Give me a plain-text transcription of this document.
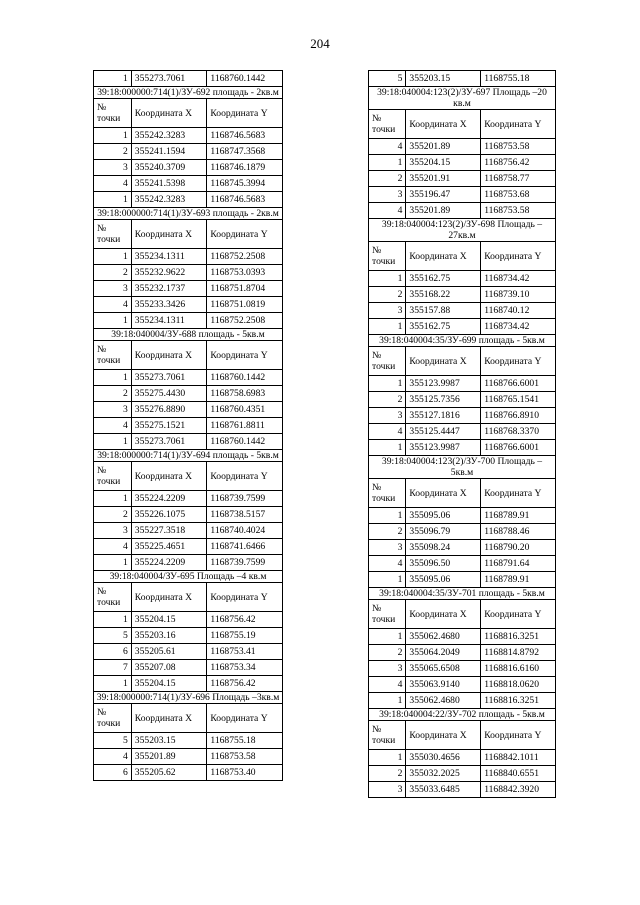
204
1	355273.7061	1168760.1442
39:18:000000:714(1)/ЗУ-692 площадь - 2кв.м		
№ точки	Координата X	Координата Y
1	355242.3283	1168746.5683
2	355241.1594	1168747.3568
3	355240.3709	1168746.1879
4	355241.5398	1168745.3994
1	355242.3283	1168746.5683
39:18:000000:714(1)/ЗУ-693 площадь - 2кв.м		
№ точки	Координата X	Координата Y
1	355234.1311	1168752.2508
2	355232.9622	1168753.0393
3	355232.1737	1168751.8704
4	355233.3426	1168751.0819
1	355234.1311	1168752.2508
39:18:040004/ЗУ-688 площадь - 5кв.м		
№ точки	Координата X	Координата Y
1	355273.7061	1168760.1442
2	355275.4430	1168758.6983
3	355276.8890	1168760.4351
4	355275.1521	1168761.8811
1	355273.7061	1168760.1442
39:18:000000:714(1)/ЗУ-694 площадь - 5кв.м		
№ точки	Координата X	Координата Y
1	355224.2209	1168739.7599
2	355226.1075	1168738.5157
3	355227.3518	1168740.4024
4	355225.4651	1168741.6466
1	355224.2209	1168739.7599
39:18:040004/ЗУ-695 Площадь –4 кв.м		
№ точки	Координата X	Координата Y
1	355204.15	1168756.42
5	355203.16	1168755.19
6	355205.61	1168753.41
7	355207.08	1168753.34
1	355204.15	1168756.42
39:18:000000:714(1)/ЗУ-696 Площадь –3кв.м		
№ точки	Координата X	Координата Y
5	355203.15	1168755.18
4	355201.89	1168753.58
6	355205.62	1168753.40
5	355203.15	1168755.18
39:18:040004:123(2)/ЗУ-697 Площадь –20 кв.м		
№ точки	Координата X	Координата Y
4	355201.89	1168753.58
1	355204.15	1168756.42
2	355201.91	1168758.77
3	355196.47	1168753.68
4	355201.89	1168753.58
39:18:040004:123(2)/ЗУ-698 Площадь –27кв.м		
№ точки	Координата X	Координата Y
1	355162.75	1168734.42
2	355168.22	1168739.10
3	355157.88	1168740.12
1	355162.75	1168734.42
39:18:040004:35/ЗУ-699 площадь - 5кв.м		
№ точки	Координата X	Координата Y
1	355123.9987	1168766.6001
2	355125.7356	1168765.1541
3	355127.1816	1168766.8910
4	355125.4447	1168768.3370
1	355123.9987	1168766.6001
39:18:040004:123(2)/ЗУ-700 Площадь –5кв.м		
№ точки	Координата X	Координата Y
1	355095.06	1168789.91
2	355096.79	1168788.46
3	355098.24	1168790.20
4	355096.50	1168791.64
1	355095.06	1168789.91
39:18:040004:35/ЗУ-701 площадь - 5кв.м		
№ точки	Координата X	Координата Y
1	355062.4680	1168816.3251
2	355064.2049	1168814.8792
3	355065.6508	1168816.6160
4	355063.9140	1168818.0620
1	355062.4680	1168816.3251
39:18:040004:22/ЗУ-702 площадь - 5кв.м		
№ точки	Координата X	Координата Y
1	355030.4656	1168842.1011
2	355032.2025	1168840.6551
3	355033.6485	1168842.3920
